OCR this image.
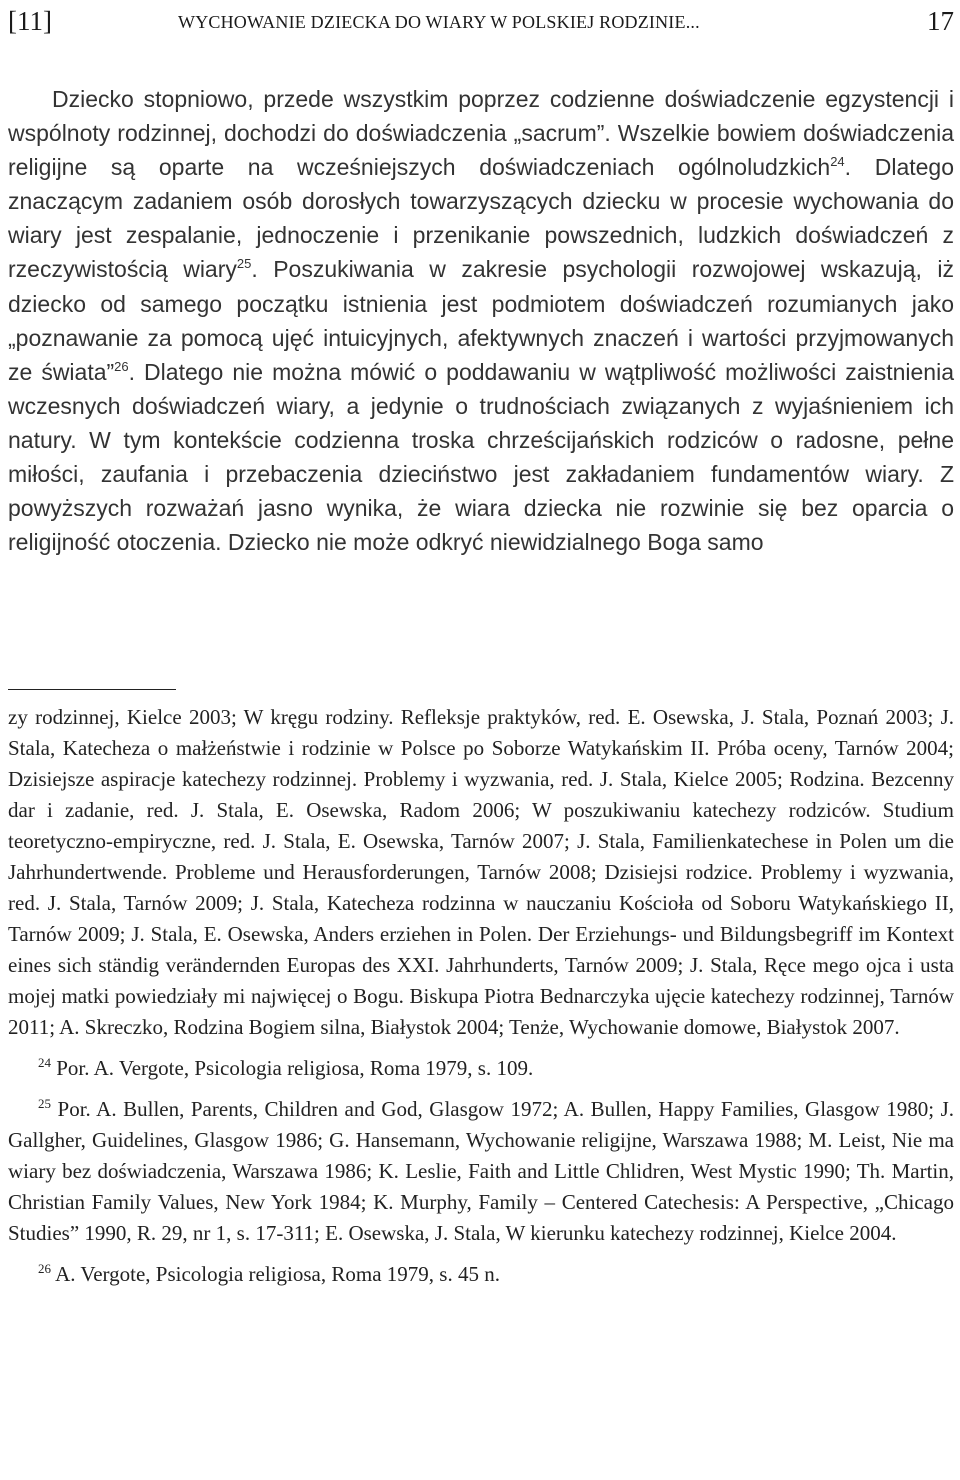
[11]	WYCHOWANIE DZIECKA DO WIARY W POLSKIEJ RODZINIE...	17

Dziecko stopniowo, przede wszystkim poprzez codzienne doświadczenie egzystencji i wspólnoty rodzinnej, dochodzi do doświadczenia „sacrum”. Wszelkie bowiem doświadczenia religijne są oparte na wcześniejszych doświadczeniach ogólnoludzkich$^{24}$. Dlatego znaczącym zadaniem osób dorosłych towarzyszących dziecku w procesie wychowania do wiary jest zespalanie, jednoczenie i przenikanie powszednich, ludzkich doświadczeń z rzeczywistością wiary$^{25}$. Poszukiwania w zakresie psychologii rozwojowej wskazują, iż dziecko od samego początku istnienia jest podmiotem doświadczeń rozumianych jako „poznawanie za pomocą ujęć intuicyjnych, afektywnych znaczeń i wartości przyjmowanych ze świata”$^{26}$. Dlatego nie można mówić o poddawaniu w wątpliwość możliwości zaistnienia wczesnych doświadczeń wiary, a jedynie o trudnościach związanych z wyjaśnieniem ich natury. W tym kontekście codzienna troska chrześcijańskich rodziców o radosne, pełne miłości, zaufania i przebaczenia dzieciństwo jest zakładaniem fundamentów wiary. Z powyższych rozważań jasno wynika, że wiara dziecka nie rozwinie się bez oparcia o religijność otoczenia. Dziecko nie może odkryć niewidzialnego Boga samo

zy rodzinnej, Kielce 2003; W kręgu rodziny. Refleksje praktyków, red. E. Osewska, J. Stala, Poznań 2003; J. Stala, Katecheza o małżeństwie i rodzinie w Polsce po Soborze Watykańskim II. Próba oceny, Tarnów 2004; Dzisiejsze aspiracje katechezy rodzinnej. Problemy i wyzwania, red. J. Stala, Kielce 2005; Rodzina. Bezcenny dar i zadanie, red. J. Stala, E. Osewska, Radom 2006; W poszukiwaniu katechezy rodziców. Studium teoretyczno-empiryczne, red. J. Stala, E. Osewska, Tarnów 2007; J. Stala, Familienkatechese in Polen um die Jahrhundertwende. Probleme und Herausforderungen, Tarnów 2008; Dzisiejsi rodzice. Problemy i wyzwania, red. J. Stala, Tarnów 2009; J. Stala, Katecheza rodzinna w nauczaniu Kościoła od Soboru Watykańskiego II, Tarnów 2009; J. Stala, E. Osewska, Anders erziehen in Polen. Der Erziehungs- und Bildungsbegriff im Kontext eines sich ständig verändernden Europas des XXI. Jahrhunderts, Tarnów 2009; J. Stala, Ręce mego ojca i usta mojej matki powiedziały mi najwięcej o Bogu. Biskupa Piotra Bednarczyka ujęcie katechezy rodzinnej, Tarnów 2011; A. Skreczko, Rodzina Bogiem silna, Białystok 2004; Tenże, Wychowanie domowe, Białystok 2007.

$^{24}$ Por. A. Vergote, Psicologia religiosa, Roma 1979, s. 109.

$^{25}$ Por. A. Bullen, Parents, Children and God, Glasgow 1972; A. Bullen, Happy Families, Glasgow 1980; J. Gallgher, Guidelines, Glasgow 1986; G. Hansemann, Wychowanie religijne, Warszawa 1988; M. Leist, Nie ma wiary bez doświadczenia, Warszawa 1986; K. Leslie, Faith and Little Chlidren, West Mystic 1990; Th. Martin, Christian Family Values, New York 1984; K. Murphy, Family – Centered Catechesis: A Perspective, „Chicago Studies” 1990, R. 29, nr 1, s. 17-311; E. Osewska, J. Stala, W kierunku katechezy rodzinnej, Kielce 2004.

$^{26}$ A. Vergote, Psicologia religiosa, Roma 1979, s. 45 n.
